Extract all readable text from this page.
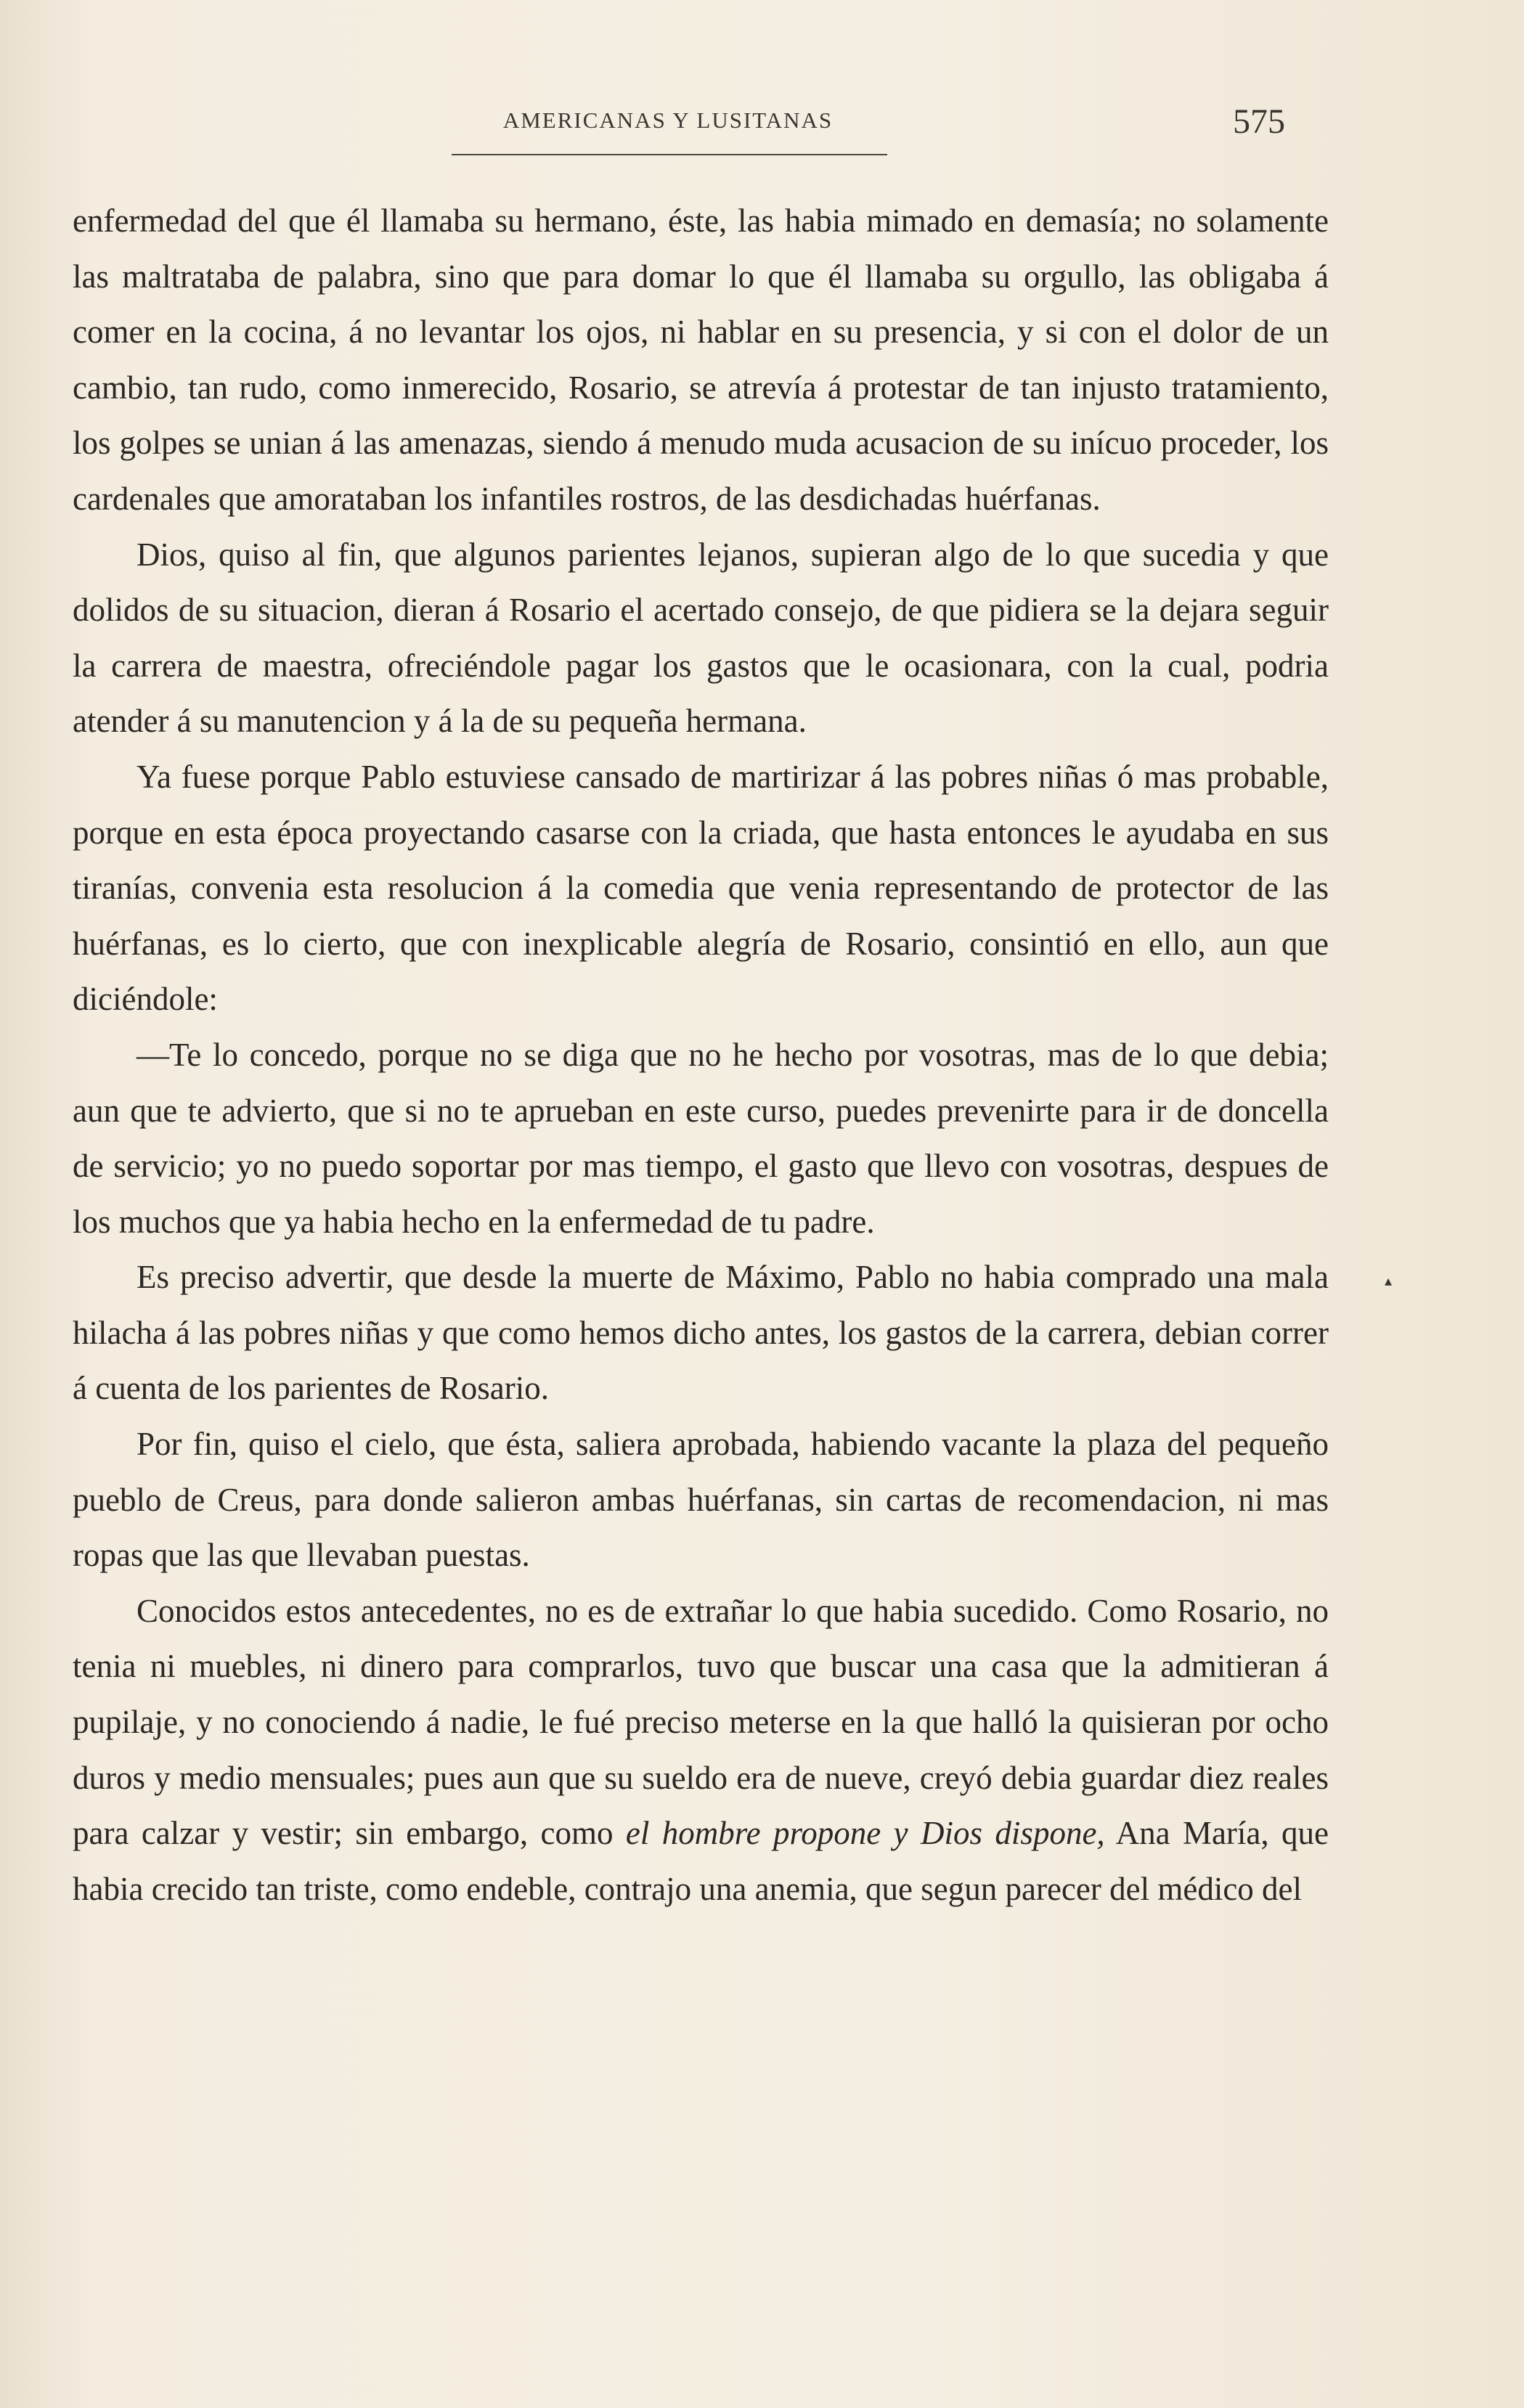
AMERICANAS Y LUSITANAS	575

enfermedad del que él llamaba su hermano, éste, las habia mimado en demasía; no solamente las maltrataba de palabra, sino que para domar lo que él llamaba su orgullo, las obligaba á comer en la cocina, á no levantar los ojos, ni hablar en su presencia, y si con el dolor de un cambio, tan rudo, como inmerecido, Rosario, se atrevía á protestar de tan injusto tratamiento, los golpes se unian á las amenazas, siendo á menudo muda acusacion de su inícuo proceder, los cardenales que amorataban los infantiles rostros, de las desdichadas huérfanas.

Dios, quiso al fin, que algunos parientes lejanos, supieran algo de lo que sucedia y que dolidos de su situacion, dieran á Rosario el acertado consejo, de que pidiera se la dejara seguir la carrera de maestra, ofreciéndole pagar los gastos que le ocasionara, con la cual, podria atender á su manutencion y á la de su pequeña hermana.

Ya fuese porque Pablo estuviese cansado de martirizar á las pobres niñas ó mas probable, porque en esta época proyectando casarse con la criada, que hasta entonces le ayudaba en sus tiranías, convenia esta resolucion á la comedia que venia representando de protector de las huérfanas, es lo cierto, que con inexplicable alegría de Rosario, consintió en ello, aun que diciéndole:

—Te lo concedo, porque no se diga que no he hecho por vosotras, mas de lo que debia; aun que te advierto, que si no te aprueban en este curso, puedes prevenirte para ir de doncella de servicio; yo no puedo soportar por mas tiempo, el gasto que llevo con vosotras, despues de los muchos que ya habia hecho en la enfermedad de tu padre.

Es preciso advertir, que desde la muerte de Máximo, Pablo no habia comprado una mala hilacha á las pobres niñas y que como hemos dicho antes, los gastos de la carrera, debian correr á cuenta de los parientes de Rosario.

Por fin, quiso el cielo, que ésta, saliera aprobada, habiendo vacante la plaza del pequeño pueblo de Creus, para donde salieron ambas huérfanas, sin cartas de recomendacion, ni mas ropas que las que llevaban puestas.

Conocidos estos antecedentes, no es de extrañar lo que habia sucedido. Como Rosario, no tenia ni muebles, ni dinero para comprarlos, tuvo que buscar una casa que la admitieran á pupilaje, y no conociendo á nadie, le fué preciso meterse en la que halló la quisieran por ocho duros y medio mensuales; pues aun que su sueldo era de nueve, creyó debia guardar diez reales para calzar y vestir; sin embargo, como el hombre propone y Dios dispone, Ana María, que habia crecido tan triste, como endeble, contrajo una anemia, que segun parecer del médico del

▴
